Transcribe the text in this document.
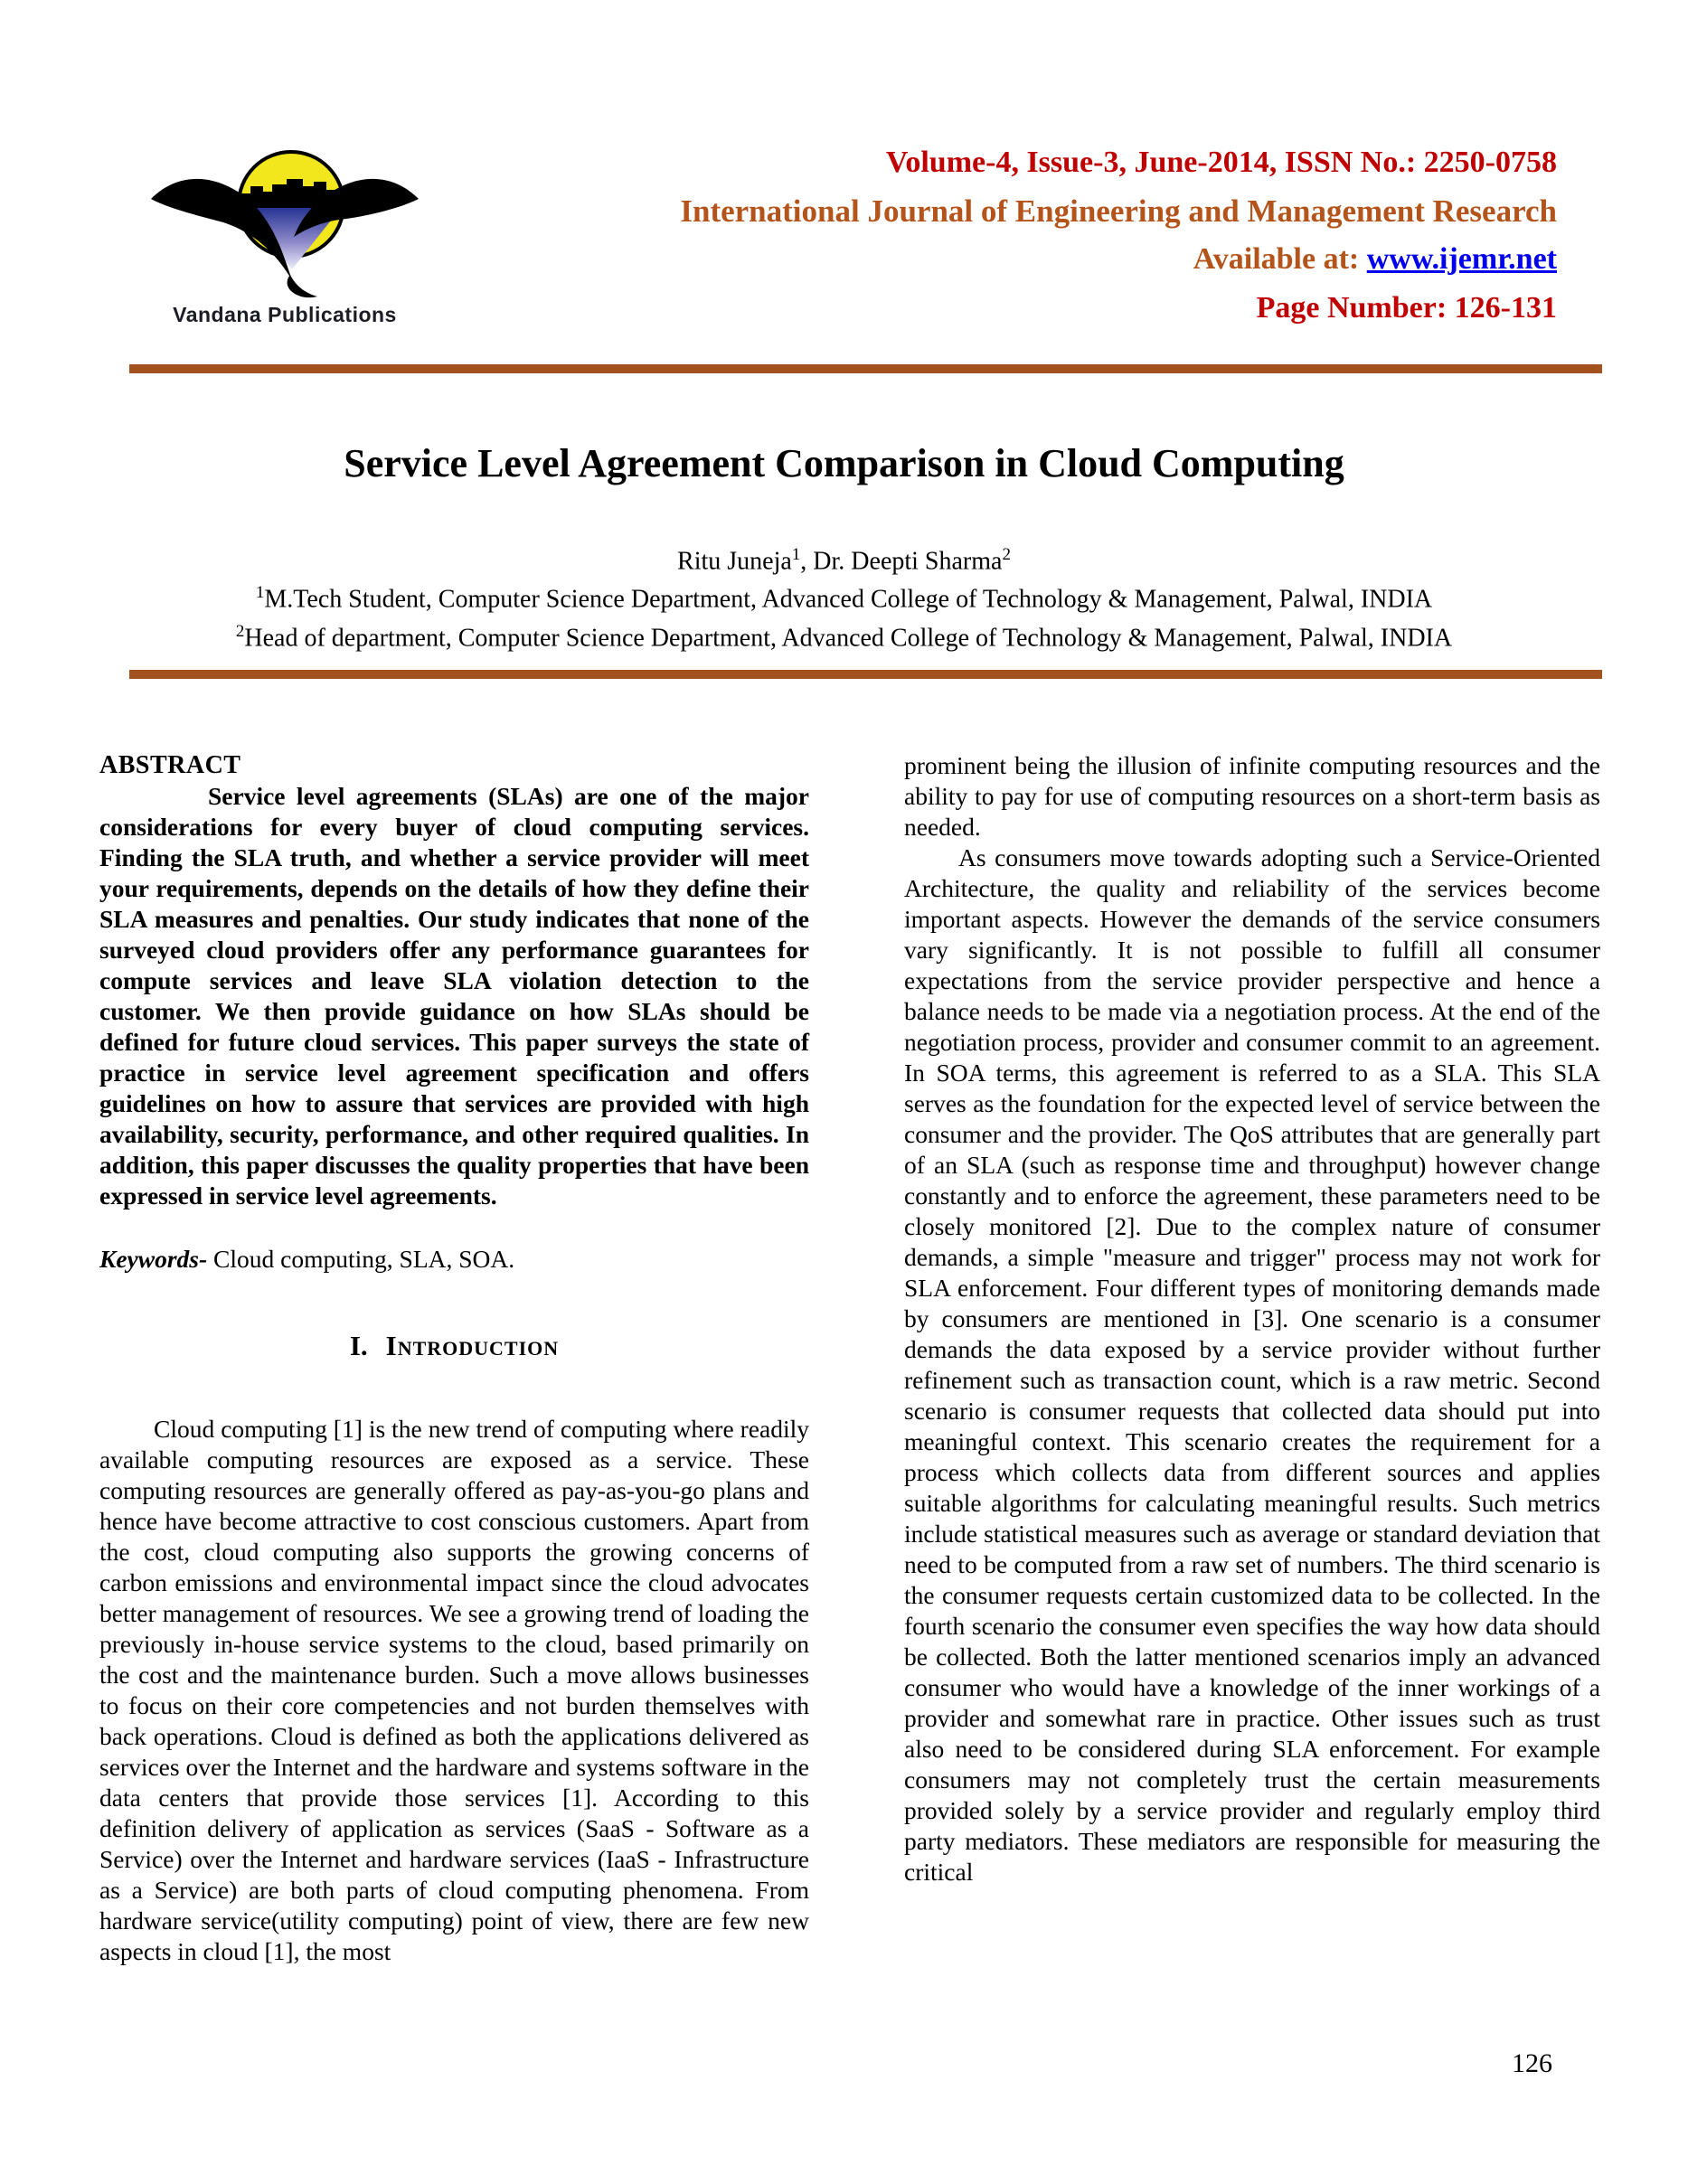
Vandana Publications
Volume-4, Issue-3, June-2014, ISSN No.: 2250-0758
International Journal of Engineering and Management Research
Available at: www.ijemr.net
Page Number: 126-131
Service Level Agreement Comparison in Cloud Computing
Ritu Juneja$^1$, Dr. Deepti Sharma$^2$
$^1$M.Tech Student, Computer Science Department, Advanced College of Technology & Management, Palwal, INDIA
$^2$Head of department, Computer Science Department, Advanced College of Technology & Management, Palwal, INDIA
ABSTRACT

Service level agreements (SLAs) are one of the major considerations for every buyer of cloud computing services. Finding the SLA truth, and whether a service provider will meet your requirements, depends on the details of how they define their SLA measures and penalties. Our study indicates that none of the surveyed cloud providers offer any performance guarantees for compute services and leave SLA violation detection to the customer. We then provide guidance on how SLAs should be defined for future cloud services. This paper surveys the state of practice in service level agreement specification and offers guidelines on how to assure that services are provided with high availability, security, performance, and other required qualities. In addition, this paper discusses the quality properties that have been expressed in service level agreements.

Keywords- Cloud computing, SLA, SOA.
I. Introduction

Cloud computing [1] is the new trend of computing where readily available computing resources are exposed as a service. These computing resources are generally offered as pay-as-you-go plans and hence have become attractive to cost conscious customers. Apart from the cost, cloud computing also supports the growing concerns of carbon emissions and environmental impact since the cloud advocates better management of resources. We see a growing trend of loading the previously in-house service systems to the cloud, based primarily on the cost and the maintenance burden. Such a move allows businesses to focus on their core competencies and not burden themselves with back operations. Cloud is defined as both the applications delivered as services over the Internet and the hardware and systems software in the data centers that provide those services [1]. According to this definition delivery of application as services (SaaS - Software as a Service) over the Internet and hardware services (IaaS - Infrastructure as a Service) are both parts of cloud computing phenomena. From hardware service(utility computing) point of view, there are few new aspects in cloud [1], the most

prominent being the illusion of infinite computing resources and the ability to pay for use of computing resources on a short-term basis as needed.

As consumers move towards adopting such a Service-Oriented Architecture, the quality and reliability of the services become important aspects. However the demands of the service consumers vary significantly. It is not possible to fulfill all consumer expectations from the service provider perspective and hence a balance needs to be made via a negotiation process. At the end of the negotiation process, provider and consumer commit to an agreement. In SOA terms, this agreement is referred to as a SLA. This SLA serves as the foundation for the expected level of service between the consumer and the provider. The QoS attributes that are generally part of an SLA (such as response time and throughput) however change constantly and to enforce the agreement, these parameters need to be closely monitored [2]. Due to the complex nature of consumer demands, a simple "measure and trigger" process may not work for SLA enforcement. Four different types of monitoring demands made by consumers are mentioned in [3]. One scenario is a consumer demands the data exposed by a service provider without further refinement such as transaction count, which is a raw metric. Second scenario is consumer requests that collected data should put into meaningful context. This scenario creates the requirement for a process which collects data from different sources and applies suitable algorithms for calculating meaningful results. Such metrics include statistical measures such as average or standard deviation that need to be computed from a raw set of numbers. The third scenario is the consumer requests certain customized data to be collected. In the fourth scenario the consumer even specifies the way how data should be collected. Both the latter mentioned scenarios imply an advanced consumer who would have a knowledge of the inner workings of a provider and somewhat rare in practice. Other issues such as trust also need to be considered during SLA enforcement. For example consumers may not completely trust the certain measurements provided solely by a service provider and regularly employ third party mediators. These mediators are responsible for measuring the critical

126
